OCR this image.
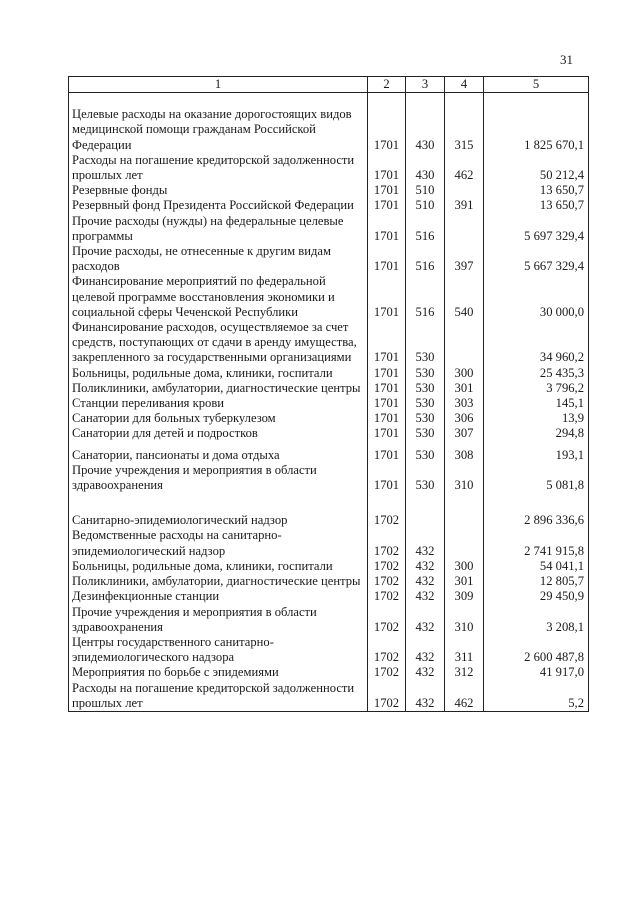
31
1	2	3	4	5

Целевые расходы на оказание дорогостоящих видов медицинской помощи гражданам Российской Федерации	1701	430	315	1 825 670,1
Расходы на погашение кредиторской задолженности прошлых лет	1701	430	462	50 212,4
Резервные фонды	1701	510		13 650,7
Резервный фонд Президента Российской Федерации	1701	510	391	13 650,7
Прочие расходы (нужды) на федеральные целевые программы	1701	516		5 697 329,4
Прочие расходы, не отнесенные к другим видам расходов	1701	516	397	5 667 329,4
Финансирование мероприятий по федеральной целевой программе восстановления экономики и социальной сферы Чеченской Республики	1701	516	540	30 000,0
Финансирование расходов, осуществляемое за счет средств, поступающих от сдачи в аренду имущества, закрепленного за государственными организациями	1701	530		34 960,2
Больницы, родильные дома, клиники, госпитали	1701	530	300	25 435,3
Поликлиники, амбулатории, диагностические центры	1701	530	301	3 796,2
Станции переливания крови	1701	530	303	145,1
Санатории для больных туберкулезом	1701	530	306	13,9
Санатории для детей и подростков	1701	530	307	294,8

Санатории, пансионаты и дома отдыха	1701	530	308	193,1
Прочие учреждения и мероприятия в области здравоохранения	1701	530	310	5 081,8

Санитарно-эпидемиологический надзор	1702			2 896 336,6
Ведомственные расходы на санитарно-эпидемиологический надзор	1702	432		2 741 915,8
Больницы, родильные дома, клиники, госпитали	1702	432	300	54 041,1
Поликлиники, амбулатории, диагностические центры	1702	432	301	12 805,7
Дезинфекционные станции	1702	432	309	29 450,9
Прочие учреждения и мероприятия в области здравоохранения	1702	432	310	3 208,1
Центры государственного санитарно-эпидемиологического надзора	1702	432	311	2 600 487,8
Мероприятия по борьбе с эпидемиями	1702	432	312	41 917,0
Расходы на погашение кредиторской задолженности прошлых лет	1702	432	462	5,2
